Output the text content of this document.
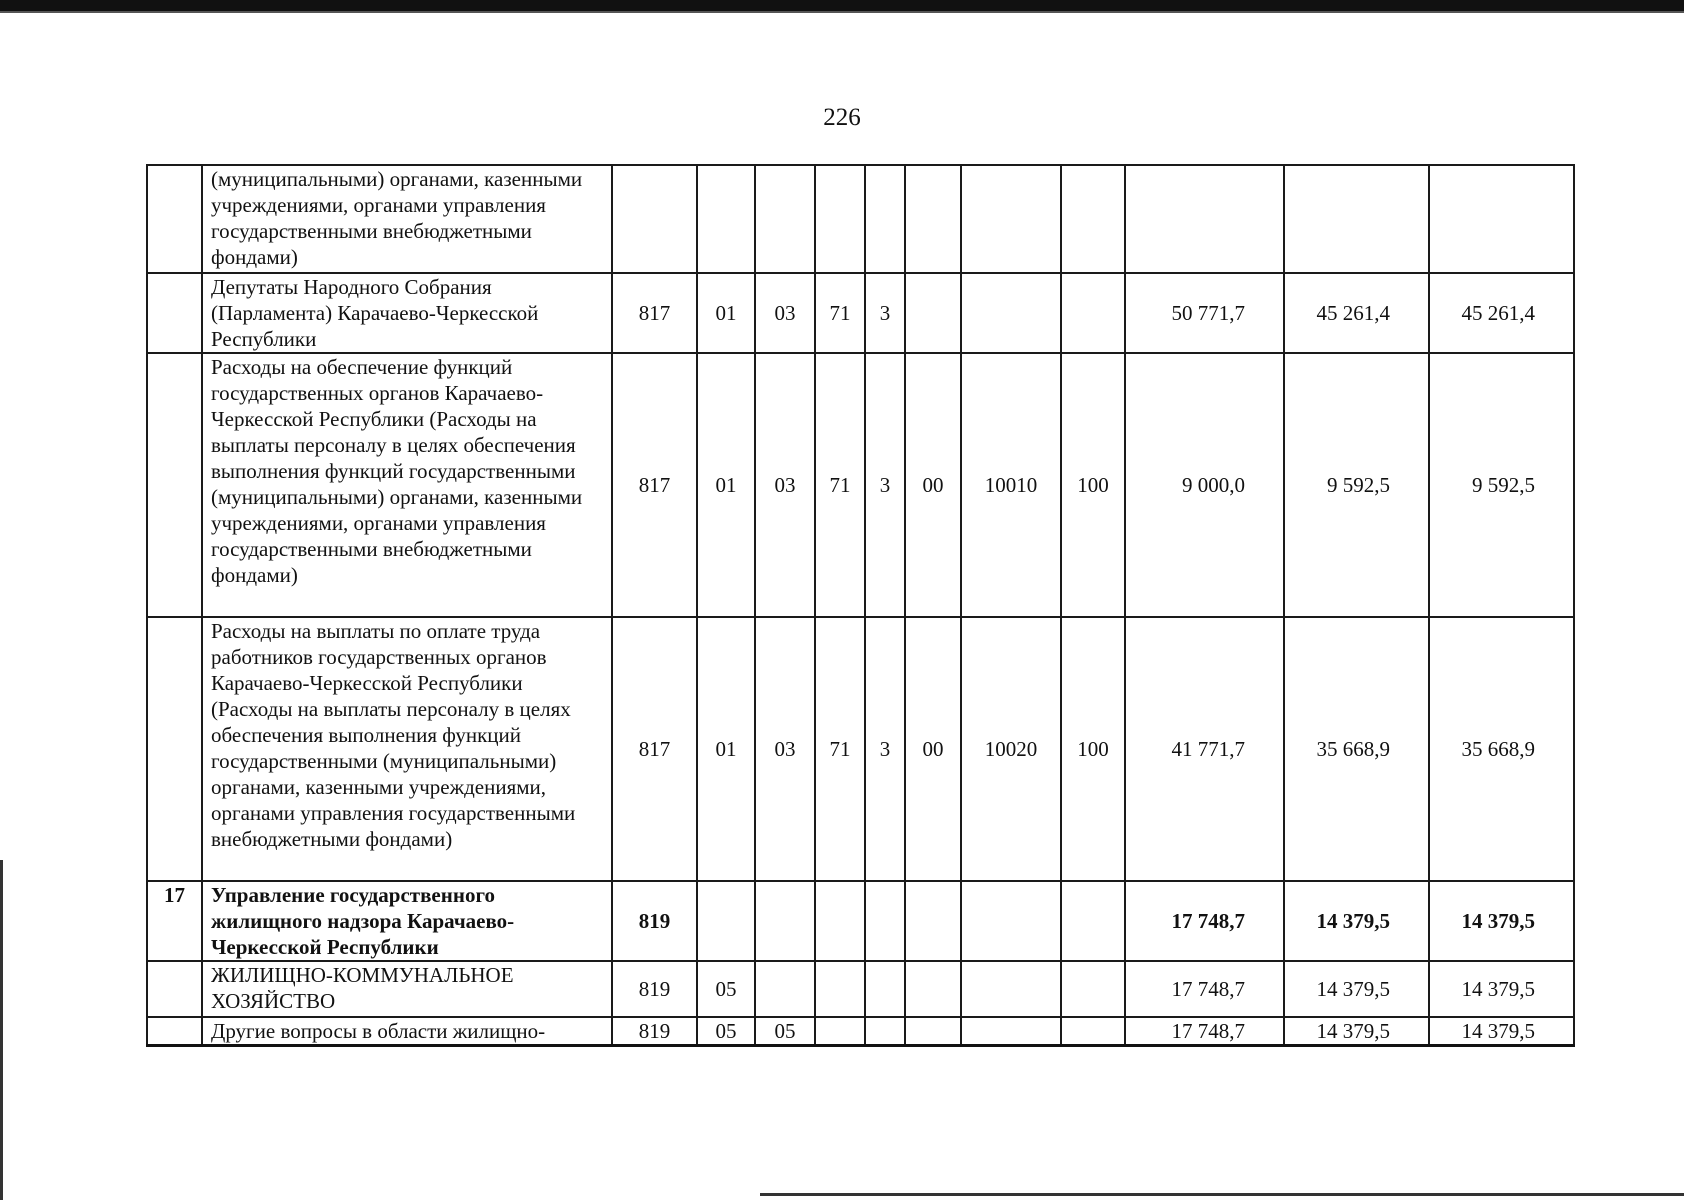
226
	(муниципальными) органами, казенными учреждениями, органами управления государственными внебюджетными фондами)											
	Депутаты Народного Собрания (Парламента) Карачаево-Черкесской Республики	817	01	03	71	3				50 771,7	45 261,4	45 261,4
	Расходы на обеспечение функций государственных органов Карачаево-Черкесской Республики (Расходы на выплаты персоналу в целях обеспечения выполнения функций государственными (муниципальными) органами, казенными учреждениями, органами управления государственными внебюджетными фондами)	817	01	03	71	3	00	10010	100	9 000,0	9 592,5	9 592,5
	Расходы на выплаты по оплате труда работников государственных органов Карачаево-Черкесской Республики (Расходы на выплаты персоналу в целях обеспечения выполнения функций государственными (муниципальными) органами, казенными учреждениями, органами управления государственными внебюджетными фондами)	817	01	03	71	3	00	10020	100	41 771,7	35 668,9	35 668,9
17	Управление государственного жилищного надзора Карачаево-Черкесской Республики	819								17 748,7	14 379,5	14 379,5
	ЖИЛИЩНО-КОММУНАЛЬНОЕ ХОЗЯЙСТВО	819	05							17 748,7	14 379,5	14 379,5
	Другие вопросы в области жилищно-	819	05	05						17 748,7	14 379,5	14 379,5
